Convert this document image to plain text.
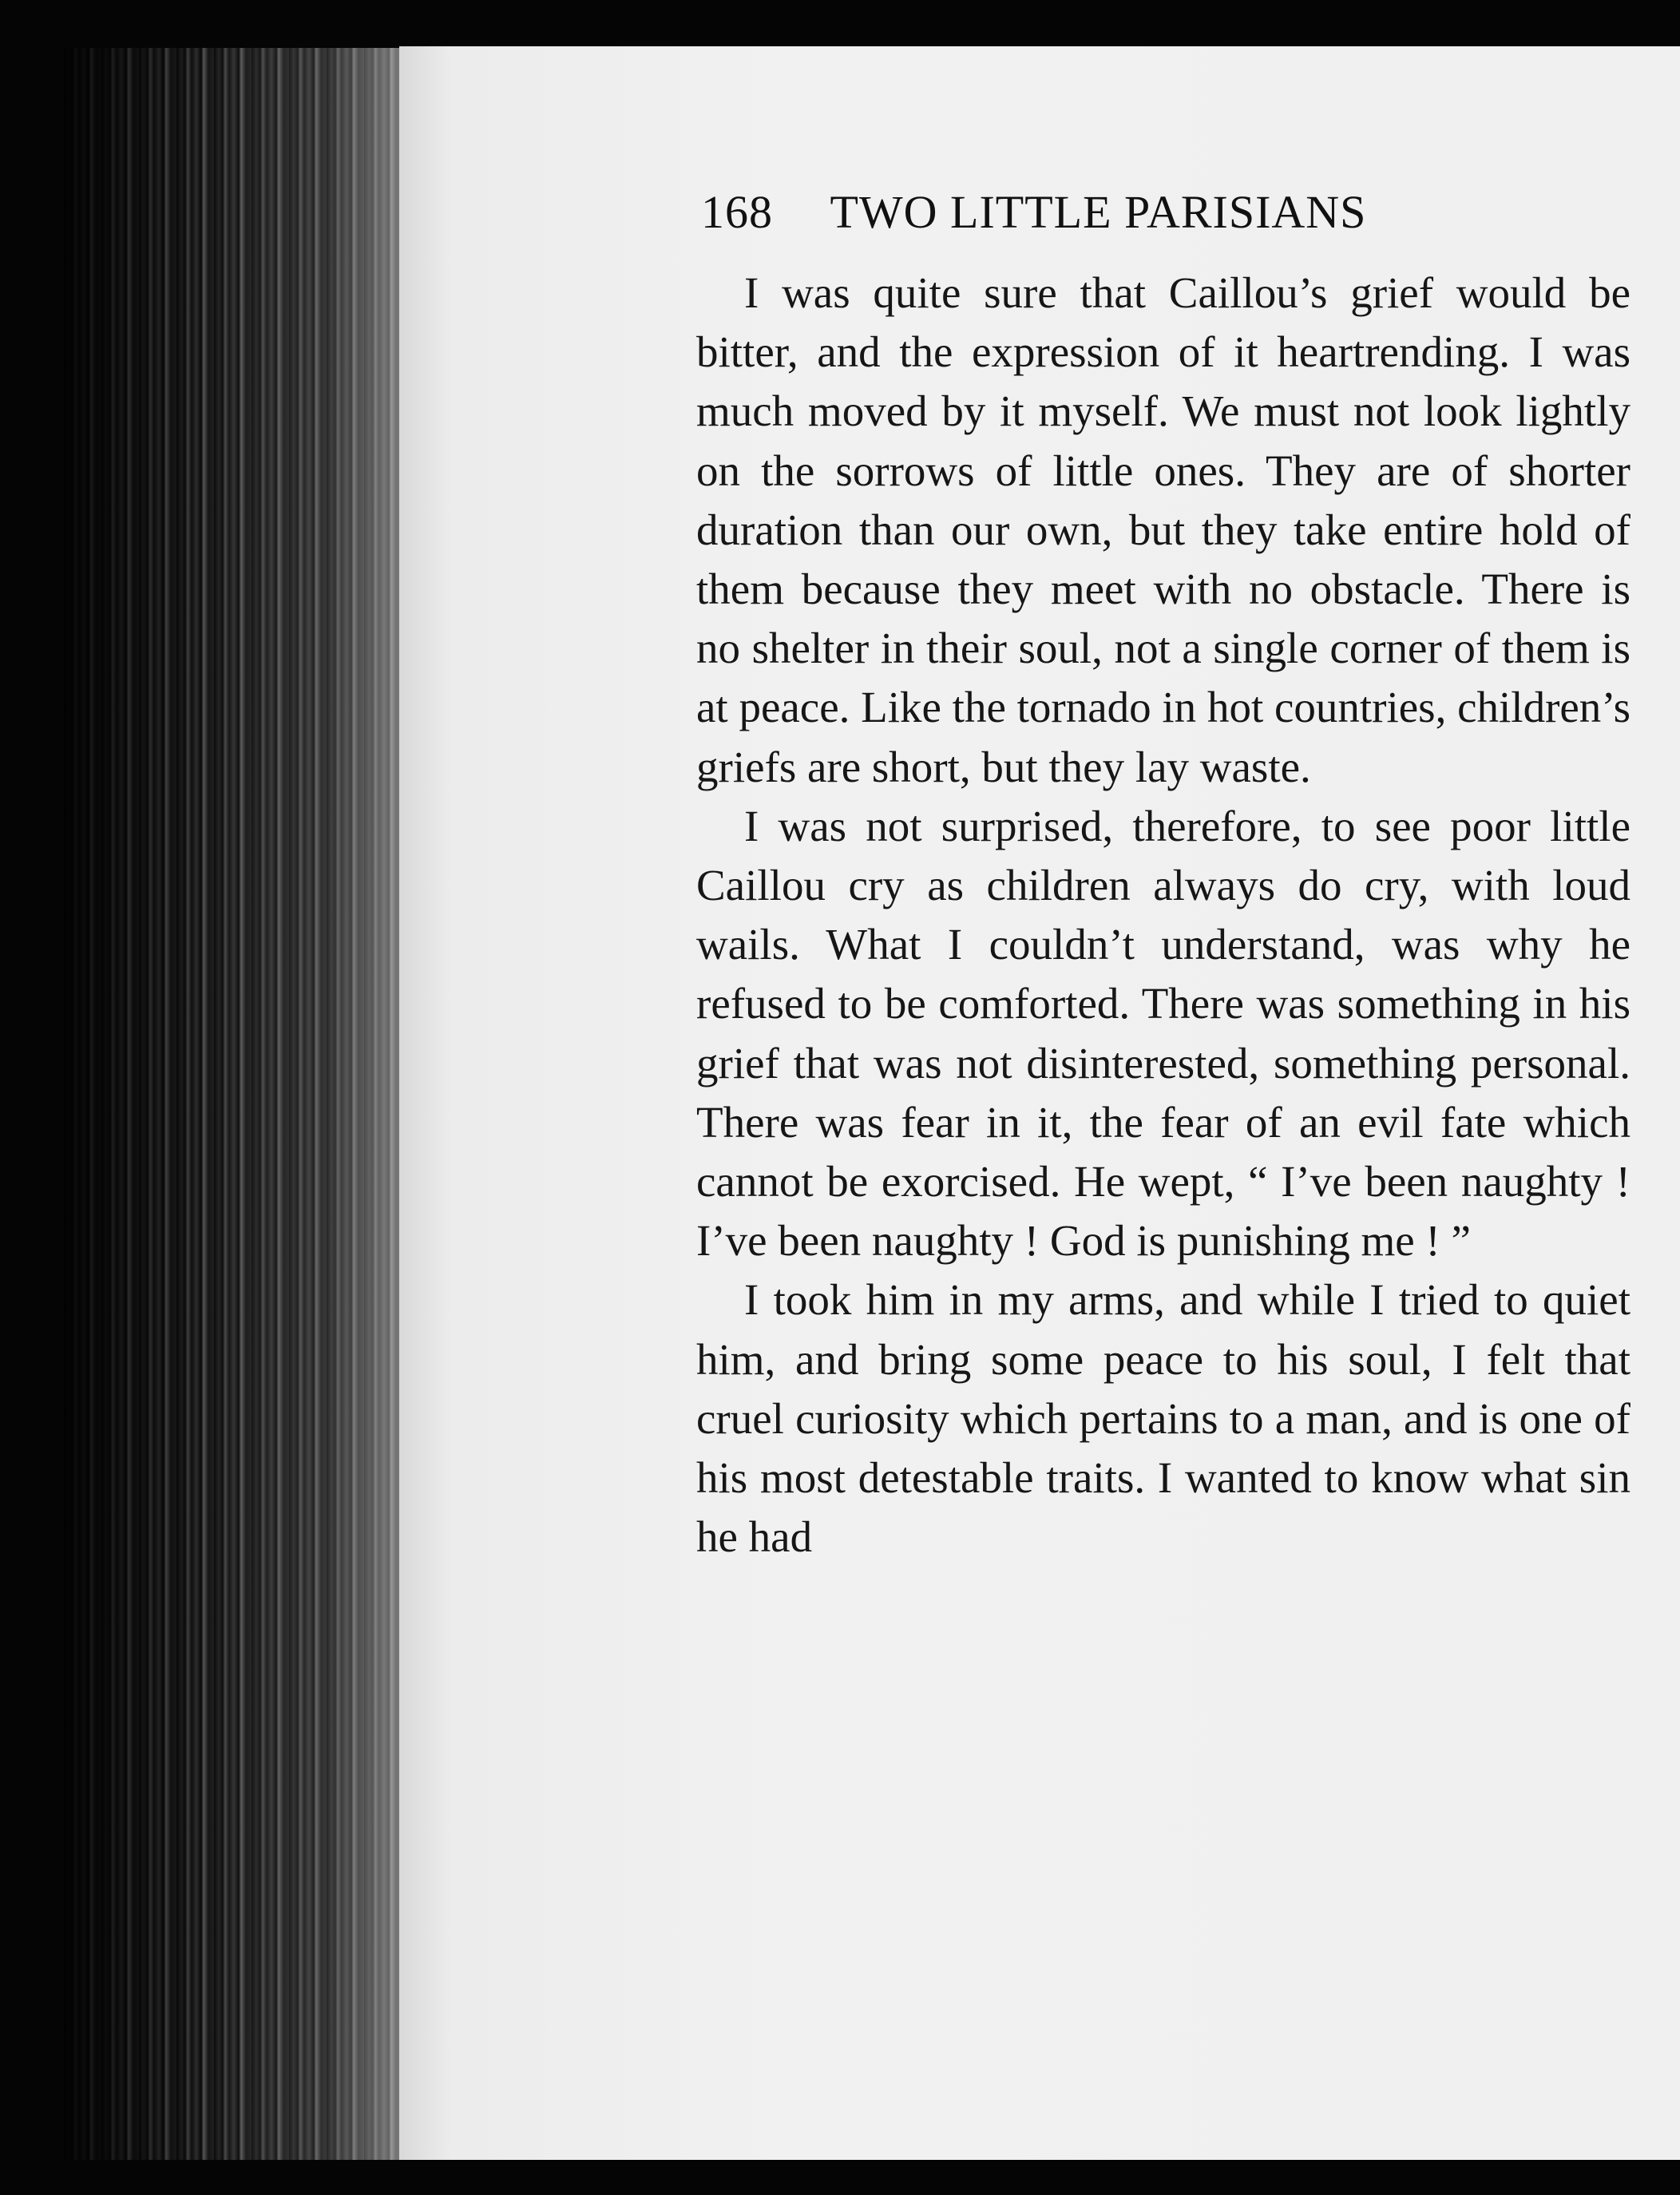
168 TWO LITTLE PARISIANS

I was quite sure that Caillou’s grief would be bitter, and the expression of it heartrending. I was much moved by it myself. We must not look lightly on the sorrows of little ones. They are of shorter duration than our own, but they take entire hold of them because they meet with no obstacle. There is no shelter in their soul, not a single corner of them is at peace. Like the tornado in hot countries, children’s griefs are short, but they lay waste.

I was not surprised, therefore, to see poor little Caillou cry as children always do cry, with loud wails. What I couldn’t understand, was why he refused to be comforted. There was something in his grief that was not disinterested, something personal. There was fear in it, the fear of an evil fate which cannot be exorcised. He wept, “ I’ve been naughty ! I’ve been naughty ! God is punishing me ! ”

I took him in my arms, and while I tried to quiet him, and bring some peace to his soul, I felt that cruel curiosity which pertains to a man, and is one of his most detestable traits. I wanted to know what sin he had
